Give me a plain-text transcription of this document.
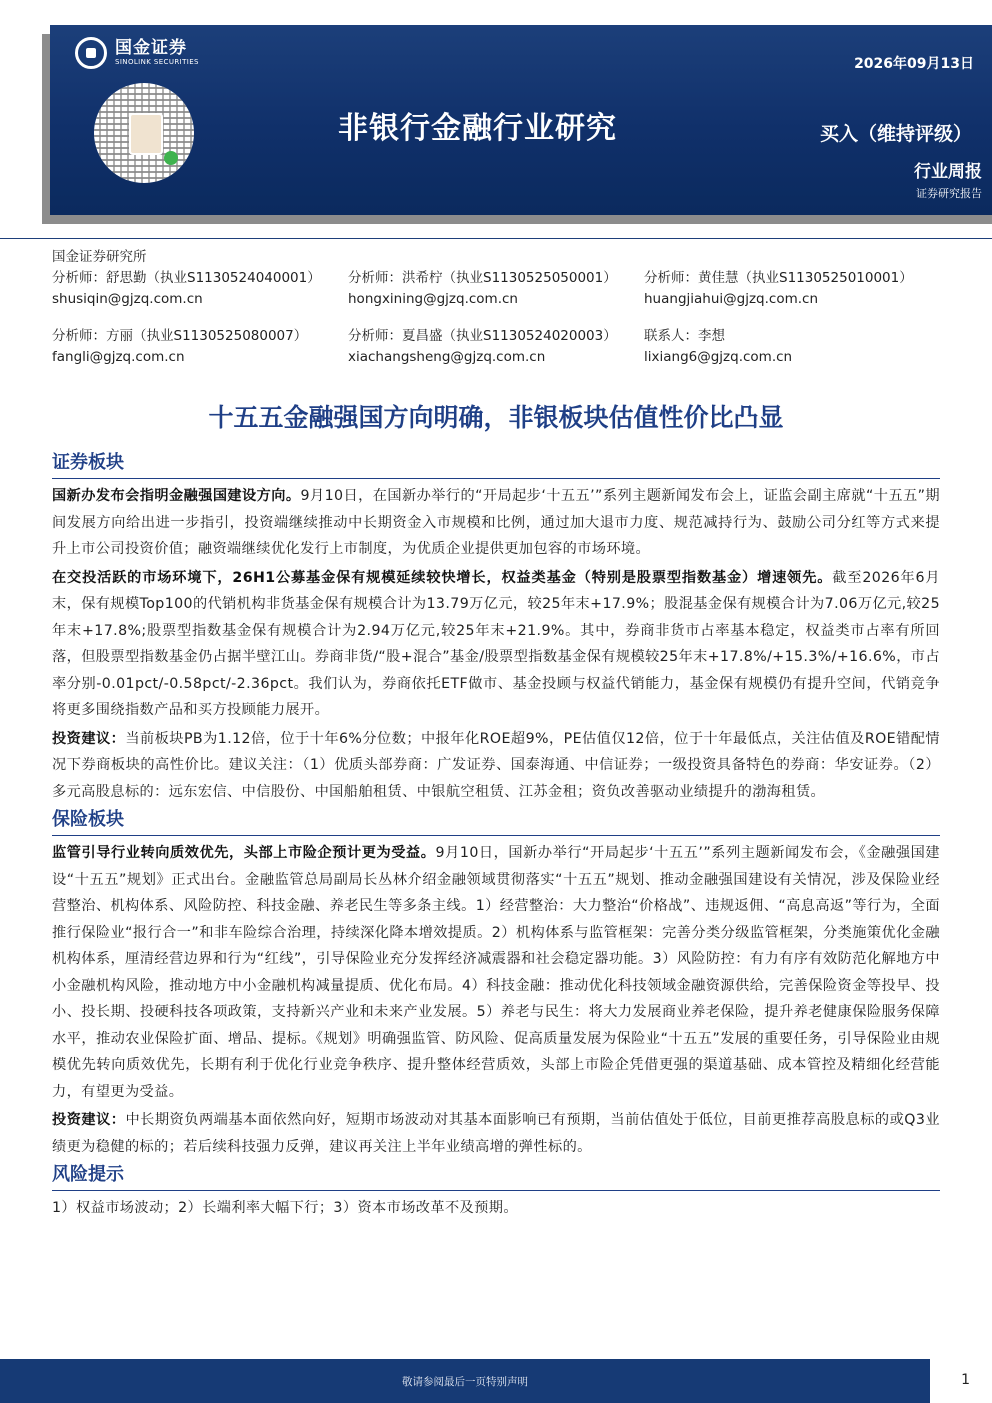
国金证券
SINOLINK SECURITIES	2026年09月13日
非银行金融行业研究	买入（维持评级）
行业周报
证券研究报告
国金证券研究所
分析师：舒思勤（执业S1130524040001）
shusiqin@gjzq.com.cn
分析师：洪希柠（执业S1130525050001）
hongxining@gjzq.com.cn
分析师：黄佳慧（执业S1130525010001）
huangjiahui@gjzq.com.cn
分析师：方丽（执业S1130525080007）
fangli@gjzq.com.cn
分析师：夏昌盛（执业S1130524020003）
xiachangsheng@gjzq.com.cn
联系人：李想
lixiang6@gjzq.com.cn
十五五金融强国方向明确，非银板块估值性价比凸显
证券板块

国新办发布会指明金融强国建设方向。9月10日，在国新办举行的“开局起步‘十五五’”系列主题新闻发布会上，证监会副主席就“十五五”期间发展方向给出进一步指引，投资端继续推动中长期资金入市规模和比例，通过加大退市力度、规范减持行为、鼓励公司分红等方式来提升上市公司投资价值；融资端继续优化发行上市制度，为优质企业提供更加包容的市场环境。

在交投活跃的市场环境下，26H1公募基金保有规模延续较快增长，权益类基金（特别是股票型指数基金）增速领先。截至2026年6月末，保有规模Top100的代销机构非货基金保有规模合计为13.79万亿元，较25年末+17.9%；股混基金保有规模合计为7.06万亿元,较25年末+17.8%;股票型指数基金保有规模合计为2.94万亿元,较25年末+21.9%。其中，券商非货市占率基本稳定，权益类市占率有所回落，但股票型指数基金仍占据半壁江山。券商非货/“股+混合”基金/股票型指数基金保有规模较25年末+17.8%/+15.3%/+16.6%，市占率分别-0.01pct/-0.58pct/-2.36pct。我们认为，券商依托ETF做市、基金投顾与权益代销能力，基金保有规模仍有提升空间，代销竞争将更多围绕指数产品和买方投顾能力展开。

投资建议：当前板块PB为1.12倍，位于十年6%分位数；中报年化ROE超9%，PE估值仅12倍，位于十年最低点，关注估值及ROE错配情况下券商板块的高性价比。建议关注：（1）优质头部券商：广发证券、国泰海通、中信证券；一级投资具备特色的券商：华安证券。（2）多元高股息标的：远东宏信、中信股份、中国船舶租赁、中银航空租赁、江苏金租；资负改善驱动业绩提升的渤海租赁。

保险板块

监管引导行业转向质效优先，头部上市险企预计更为受益。9月10日，国新办举行“开局起步‘十五五’”系列主题新闻发布会，《金融强国建设“十五五”规划》正式出台。金融监管总局副局长丛林介绍金融领域贯彻落实“十五五”规划、推动金融强国建设有关情况，涉及保险业经营整治、机构体系、风险防控、科技金融、养老民生等多条主线。1）经营整治：大力整治“价格战”、违规返佣、“高息高返”等行为，全面推行保险业“报行合一”和非车险综合治理，持续深化降本增效提质。2）机构体系与监管框架：完善分类分级监管框架，分类施策优化金融机构体系，厘清经营边界和行为“红线”，引导保险业充分发挥经济减震器和社会稳定器功能。3）风险防控：有力有序有效防范化解地方中小金融机构风险，推动地方中小金融机构减量提质、优化布局。4）科技金融：推动优化科技领域金融资源供给，完善保险资金等投早、投小、投长期、投硬科技各项政策，支持新兴产业和未来产业发展。5）养老与民生：将大力发展商业养老保险，提升养老健康保险服务保障水平，推动农业保险扩面、增品、提标。《规划》明确强监管、防风险、促高质量发展为保险业“十五五”发展的重要任务，引导保险业由规模优先转向质效优先，长期有利于优化行业竞争秩序、提升整体经营质效，头部上市险企凭借更强的渠道基础、成本管控及精细化经营能力，有望更为受益。

投资建议：中长期资负两端基本面依然向好，短期市场波动对其基本面影响已有预期，当前估值处于低位，目前更推荐高股息标的或Q3业绩更为稳健的标的；若后续科技强力反弹，建议再关注上半年业绩高增的弹性标的。

风险提示

1）权益市场波动；2）长端利率大幅下行；3）资本市场改革不及预期。

敬请参阅最后一页特别声明	1
